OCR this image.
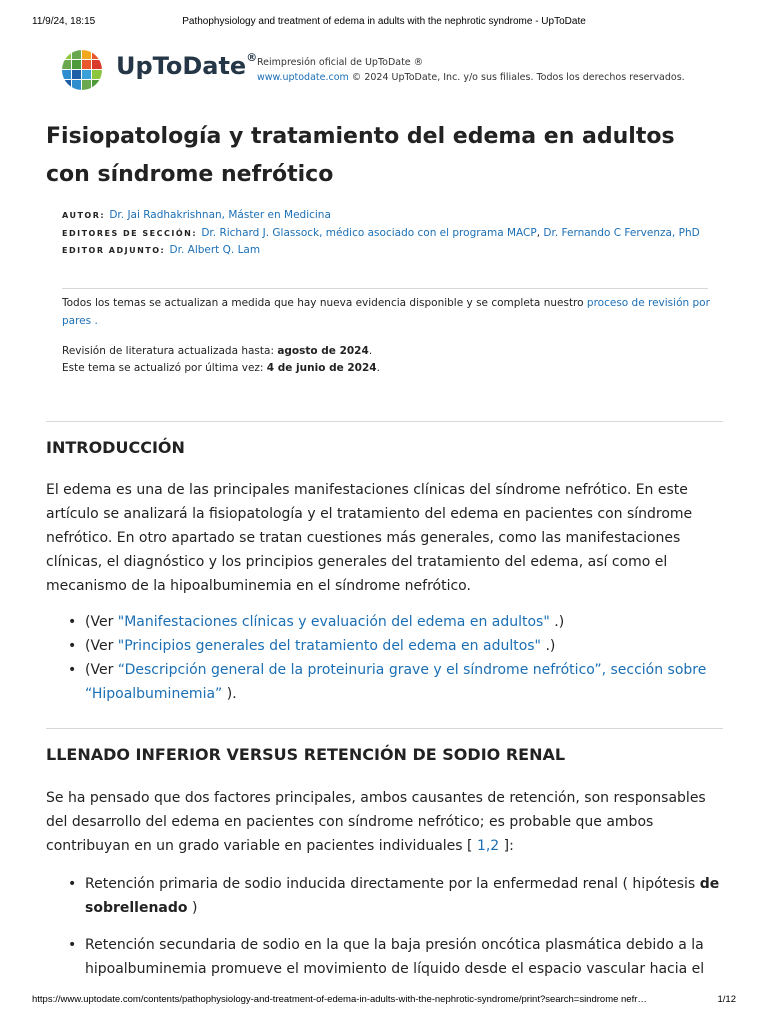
11/9/24, 18:15	Pathophysiology and treatment of edema in adults with the nephrotic syndrome - UpToDate
UpToDate® Reimpresión oficial de UpToDate ®
www.uptodate.com © 2024 UpToDate, Inc. y/o sus filiales. Todos los derechos reservados.
Fisiopatología y tratamiento del edema en adultos con síndrome nefrótico

AUTOR: Dr. Jai Radhakrishnan, Máster en Medicina

EDITORES DE SECCIÓN: Dr. Richard J. Glassock, médico asociado con el programa MACP, Dr. Fernando C Fervenza, PhD

EDITOR ADJUNTO: Dr. Albert Q. Lam

Todos los temas se actualizan a medida que hay nueva evidencia disponible y se completa nuestro proceso de revisión por pares .

Revisión de literatura actualizada hasta: agosto de 2024.

Este tema se actualizó por última vez: 4 de junio de 2024.

INTRODUCCIÓN

El edema es una de las principales manifestaciones clínicas del síndrome nefrótico. En este artículo se analizará la fisiopatología y el tratamiento del edema en pacientes con síndrome nefrótico. En otro apartado se tratan cuestiones más generales, como las manifestaciones clínicas, el diagnóstico y los principios generales del tratamiento del edema, así como el mecanismo de la hipoalbuminemia en el síndrome nefrótico.

• (Ver "Manifestaciones clínicas y evaluación del edema en adultos" .)
• (Ver "Principios generales del tratamiento del edema en adultos" .)
• (Ver “Descripción general de la proteinuria grave y el síndrome nefrótico”, sección sobre “Hipoalbuminemia” ).
LLENADO INFERIOR VERSUS RETENCIÓN DE SODIO RENAL

Se ha pensado que dos factores principales, ambos causantes de retención, son responsables del desarrollo del edema en pacientes con síndrome nefrótico; es probable que ambos contribuyan en un grado variable en pacientes individuales [ 1,2 ]:

• Retención primaria de sodio inducida directamente por la enfermedad renal ( hipótesis de sobrellenado )
• Retención secundaria de sodio en la que la baja presión oncótica plasmática debido a la hipoalbuminemia promueve el movimiento de líquido desde el espacio vascular hacia el
https://www.uptodate.com/contents/pathophysiology-and-treatment-of-edema-in-adults-with-the-nephrotic-syndrome/print?search=sindrome nefr…	1/12
